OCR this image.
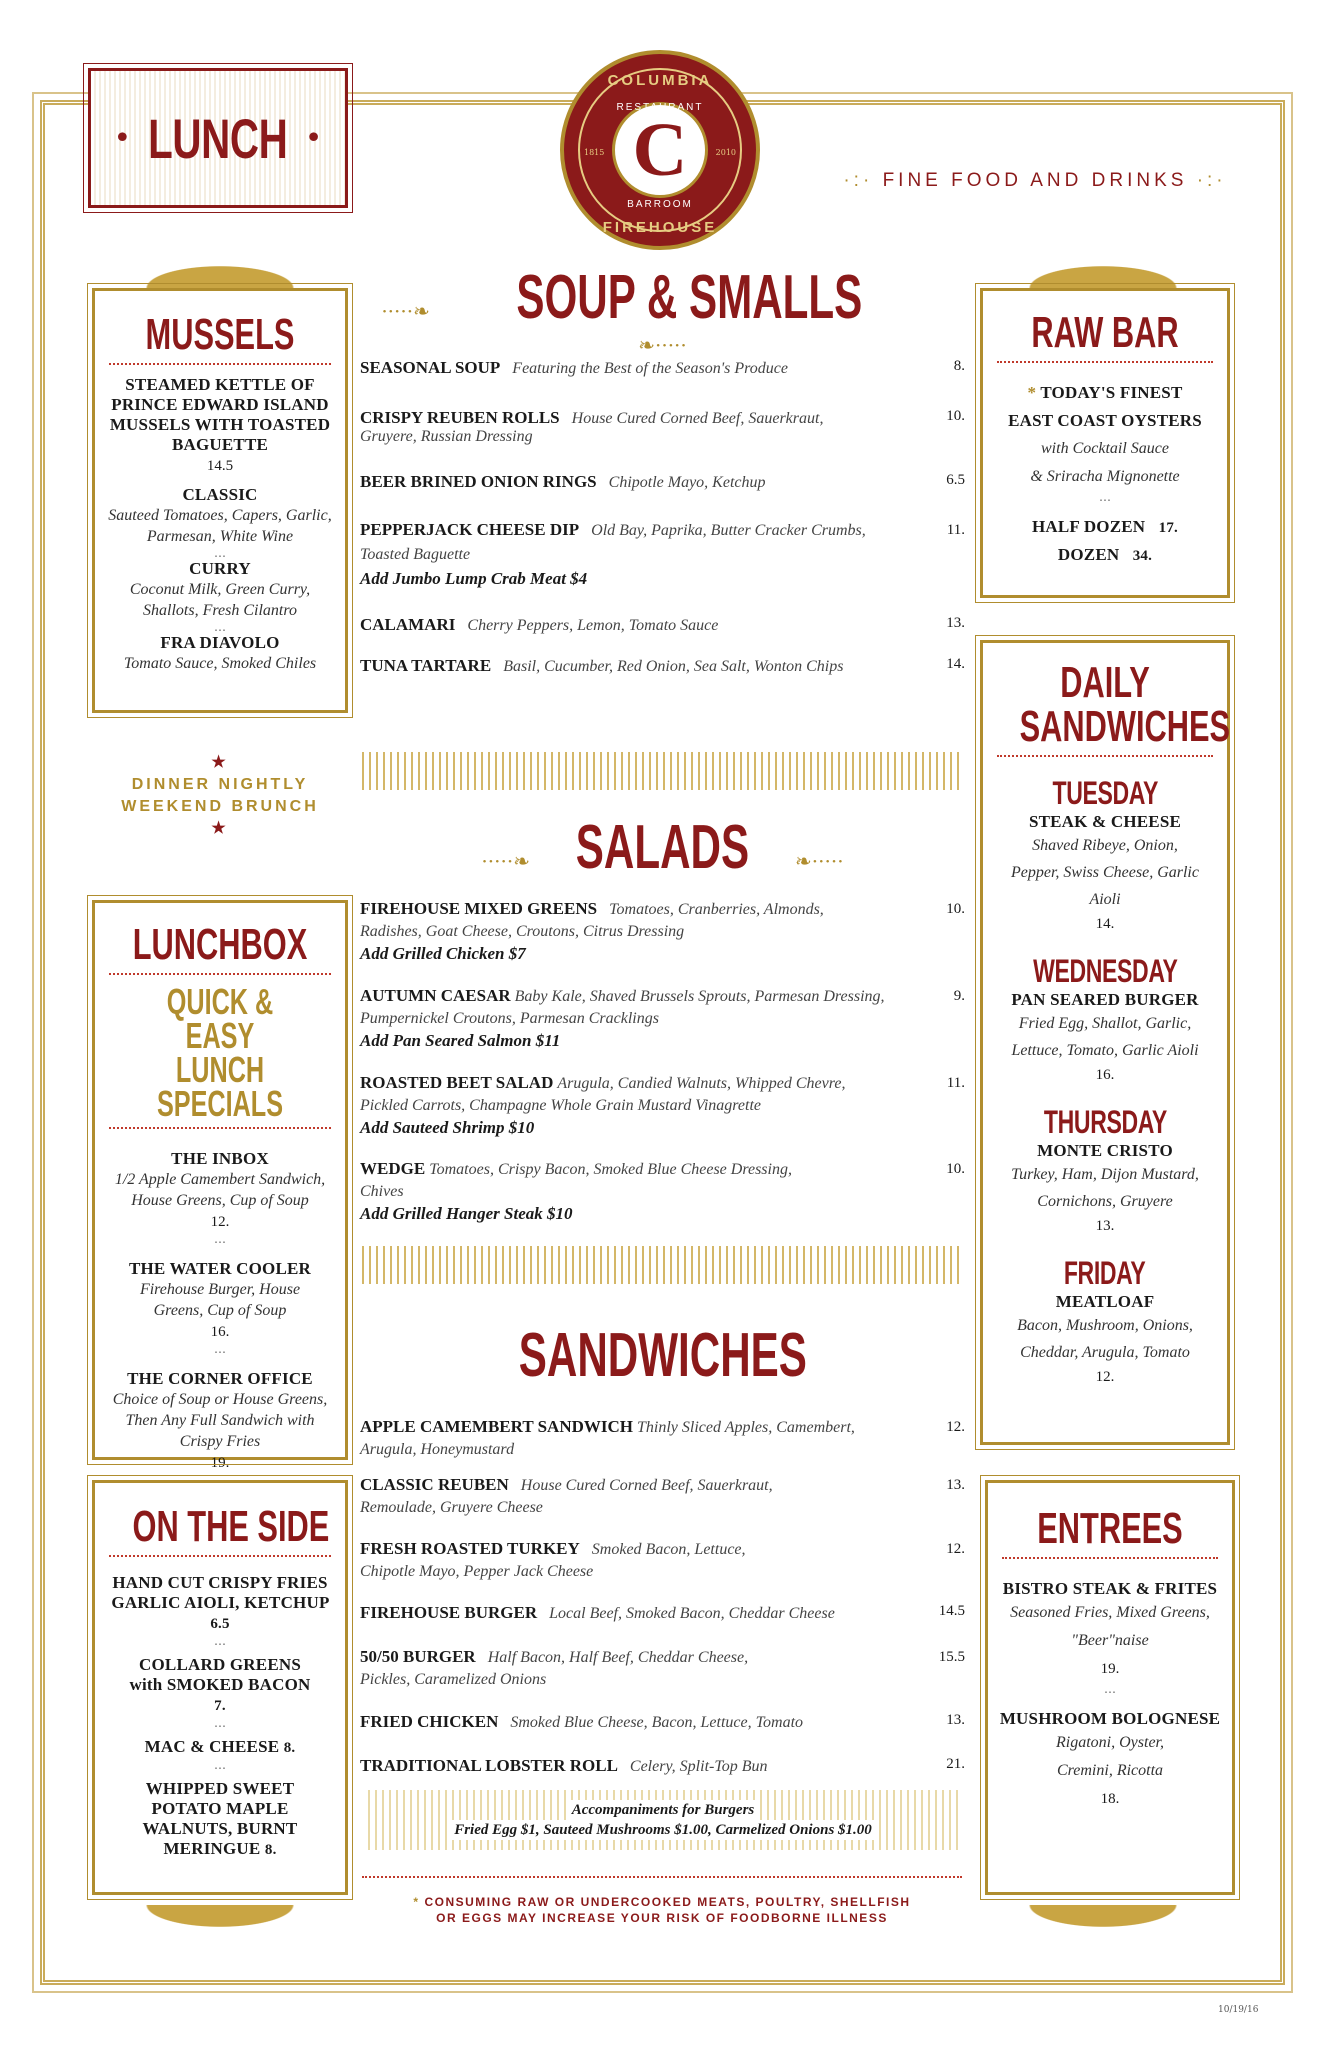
• LUNCH •
COLUMBIA
RESTAURANT
C
1815	2010
BARROOM
FIREHOUSE
·:· FINE FOOD AND DRINKS ·:·
MUSSELS
STEAMED KETTLE OF PRINCE EDWARD ISLAND MUSSELS WITH TOASTED BAGUETTE
14.5
CLASSIC
Sauteed Tomatoes, Capers, Garlic, Parmesan, White Wine
…
CURRY
Coconut Milk, Green Curry, Shallots, Fresh Cilantro
…
FRA DIAVOLO
Tomato Sauce, Smoked Chiles
★
DINNER NIGHTLY
WEEKEND BRUNCH
★
LUNCHBOX
QUICK & EASY
LUNCH SPECIALS
THE INBOX
1/2 Apple Camembert Sandwich, House Greens, Cup of Soup
12.
…
THE WATER COOLER
Firehouse Burger, House Greens, Cup of Soup
16.
…
THE CORNER OFFICE
Choice of Soup or House Greens, Then Any Full Sandwich with Crispy Fries
19.
ON THE SIDE
HAND CUT CRISPY FRIES GARLIC AIOLI, KETCHUP 6.5
…
COLLARD GREENS with SMOKED BACON 7.
…
MAC & CHEESE 8.
…
WHIPPED SWEET POTATO MAPLE WALNUTS, BURNT MERINGUE 8.
·····❧ SOUP & SMALLS ❧·····
SEASONAL SOUP Featuring the Best of the Season's Produce	8.
CRISPY REUBEN ROLLS House Cured Corned Beef, Sauerkraut,
Gruyere, Russian Dressing
10.
BEER BRINED ONION RINGS Chipotle Mayo, Ketchup	6.5
PEPPERJACK CHEESE DIP Old Bay, Paprika, Butter Cracker Crumbs,
Toasted Baguette
Add Jumbo Lump Crab Meat $4
11.
CALAMARI Cherry Peppers, Lemon, Tomato Sauce	13.
TUNA TARTARE Basil, Cucumber, Red Onion, Sea Salt, Wonton Chips	14.
·····❧ SALADS ❧·····
FIREHOUSE MIXED GREENS Tomatoes, Cranberries, Almonds,
Radishes, Goat Cheese, Croutons, Citrus Dressing
Add Grilled Chicken $7
10.
AUTUMN CAESAR Baby Kale, Shaved Brussels Sprouts, Parmesan Dressing,
Pumpernickel Croutons, Parmesan Cracklings
Add Pan Seared Salmon $11
9.
ROASTED BEET SALAD Arugula, Candied Walnuts, Whipped Chevre,
Pickled Carrots, Champagne Whole Grain Mustard Vinagrette
Add Sauteed Shrimp $10
11.
WEDGE Tomatoes, Crispy Bacon, Smoked Blue Cheese Dressing,
Chives
Add Grilled Hanger Steak $10
10.
SANDWICHES
APPLE CAMEMBERT SANDWICH Thinly Sliced Apples, Camembert,
Arugula, Honeymustard
12.
CLASSIC REUBEN House Cured Corned Beef, Sauerkraut,
Remoulade, Gruyere Cheese
13.
FRESH ROASTED TURKEY Smoked Bacon, Lettuce,
Chipotle Mayo, Pepper Jack Cheese
12.
FIREHOUSE BURGER Local Beef, Smoked Bacon, Cheddar Cheese	14.5
50/50 BURGER Half Bacon, Half Beef, Cheddar Cheese,
Pickles, Caramelized Onions
15.5
FRIED CHICKEN Smoked Blue Cheese, Bacon, Lettuce, Tomato	13.
TRADITIONAL LOBSTER ROLL Celery, Split-Top Bun	21.
Accompaniments for Burgers
Fried Egg $1, Sauteed Mushrooms $1.00, Carmelized Onions $1.00
* CONSUMING RAW OR UNDERCOOKED MEATS, POULTRY, SHELLFISH
OR EGGS MAY INCREASE YOUR RISK OF FOODBORNE ILLNESS
RAW BAR
* TODAY'S FINEST
EAST COAST OYSTERS
with Cocktail Sauce
& Sriracha Mignonette
…
HALF DOZEN 17.
DOZEN 34.
DAILY
SANDWICHES
TUESDAY
STEAK & CHEESE
Shaved Ribeye, Onion, Pepper, Swiss Cheese, Garlic Aioli
14.
WEDNESDAY
PAN SEARED BURGER
Fried Egg, Shallot, Garlic, Lettuce, Tomato, Garlic Aioli
16.
THURSDAY
MONTE CRISTO
Turkey, Ham, Dijon Mustard, Cornichons, Gruyere
13.
FRIDAY
MEATLOAF
Bacon, Mushroom, Onions, Cheddar, Arugula, Tomato
12.
ENTREES
BISTRO STEAK & FRITES
Seasoned Fries, Mixed Greens, "Beer"naise
19.
…
MUSHROOM BOLOGNESE
Rigatoni, Oyster, Cremini, Ricotta
18.
10/19/16
